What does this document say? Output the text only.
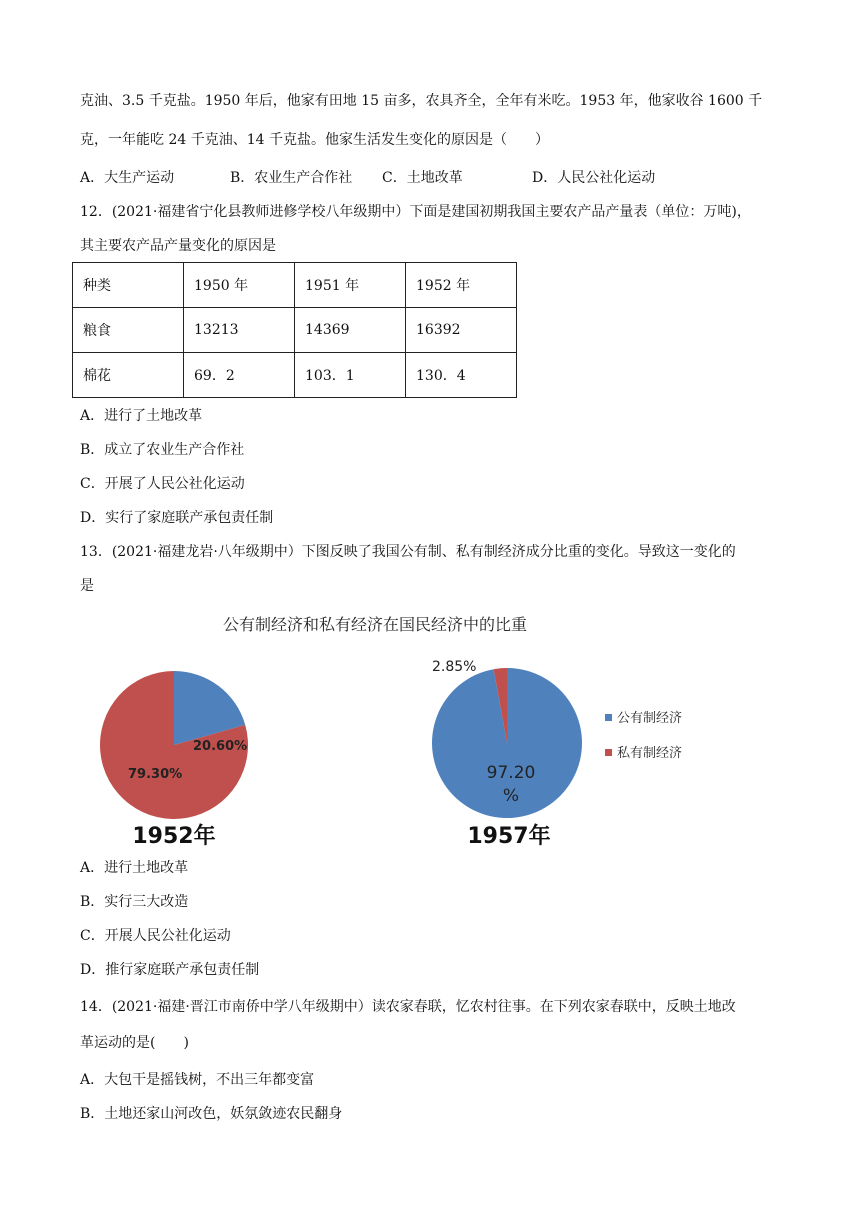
克油、3.5 千克盐。1950 年后，他家有田地 15 亩多，农具齐全，全年有米吃。1953 年，他家收谷 1600 千
克，一年能吃 24 千克油、14 千克盐。他家生活发生变化的原因是（　　）
A．大生产运动	B．农业生产合作社 C．土地改革	D．人民公社化运动
12．(2021·福建省宁化县教师进修学校八年级期中）下面是建国初期我国主要农产品产量表（单位：万吨)，
其主要农产品产量变化的原因是
种类	1950 年	1951 年	1952 年
粮食	13213	14369	16392
棉花	69．2	103．1	130．4
A．进行了土地改革
B．成立了农业生产合作社
C．开展了人民公社化运动
D．实行了家庭联产承包责任制
13．(2021·福建龙岩·八年级期中）下图反映了我国公有制、私有制经济成分比重的变化。导致这一变化的
是
公有制经济和私有经济在国民经济中的比重
20.60%
79.30%
1952年
2.85%
97.20
%
1957年
公有制经济
私有制经济
A．进行土地改革
B．实行三大改造
C．开展人民公社化运动
D．推行家庭联产承包责任制
14．(2021·福建·晋江市南侨中学八年级期中）读农家春联，忆农村往事。在下列农家春联中，反映土地改
革运动的是(　　)
A．大包干是摇钱树，不出三年都变富
B．土地还家山河改色，妖氛敛迹农民翻身
